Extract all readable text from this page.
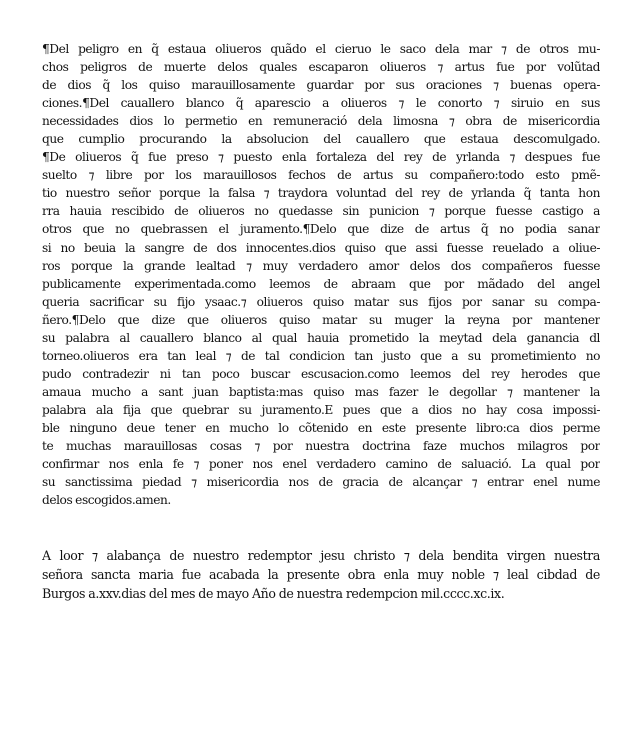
¶Del peligro en q̃ estaua oliueros quãdo el cieruo le saco dela mar ⁊ de otros mu-
chos peligros de muerte delos quales escaparon oliueros ⁊ artus fue por volũtad
de dios q̃ los quiso marauillosamente guardar por sus oraciones ⁊ buenas opera-
ciones.¶Del cauallero blanco q̃ aparescio a oliueros ⁊ le conorto ⁊ siruio en sus
necessidades dios lo permetio en remuneració dela limosna ⁊ obra de misericordia
que cumplio procurando la absolucion del cauallero que estaua descomulgado.
¶De oliueros q̃ fue preso ⁊ puesto enla fortaleza del rey de yrlanda ⁊ despues fue
suelto ⁊ libre por los marauillosos fechos de artus su compañero:todo esto pmẽ-
tio nuestro señor porque la falsa ⁊ traydora voluntad del rey de yrlanda q̃ tanta hon
rra hauia rescibido de oliueros no quedasse sin punicion ⁊ porque fuesse castigo a
otros que no quebrassen el juramento.¶Delo que dize de artus q̃ no podia sanar
si no beuia la sangre de dos innocentes.dios quiso que assi fuesse reuelado a oliue-
ros porque la grande lealtad ⁊ muy verdadero amor delos dos compañeros fuesse
publicamente experimentada.como leemos de abraam que por mãdado del angel
queria sacrificar su fijo ysaac.⁊ oliueros quiso matar sus fijos por sanar su compa-
ñero.¶Delo que dize que oliueros quiso matar su muger la reyna por mantener
su palabra al cauallero blanco al qual hauia prometido la meytad dela ganancia dl
torneo.oliueros era tan leal ⁊ de tal condicion tan justo que a su prometimiento no
pudo contradezir ni tan poco buscar escusacion.como leemos del rey herodes que
amaua mucho a sant juan baptista:mas quiso mas fazer le degollar ⁊ mantener la
palabra ala fija que quebrar su juramento.E pues que a dios no hay cosa impossi-
ble ninguno deue tener en mucho lo cõtenido en este presente libro:ca dios perme
te muchas marauillosas cosas ⁊ por nuestra doctrina faze muchos milagros por
confirmar nos enla fe ⁊ poner nos enel verdadero camino de saluació. La qual por
su sanctissima piedad ⁊ misericordia nos de gracia de alcançar ⁊ entrar enel nume
delos escogidos.amen.
A loor ⁊ alabança de nuestro redemptor jesu christo ⁊ dela bendita virgen nuestra
señora sancta maria fue acabada la presente obra enla muy noble ⁊ leal cibdad de
Burgos a.xxv.dias del mes de mayo Año de nuestra redempcion mil.cccc.xc.ix.
